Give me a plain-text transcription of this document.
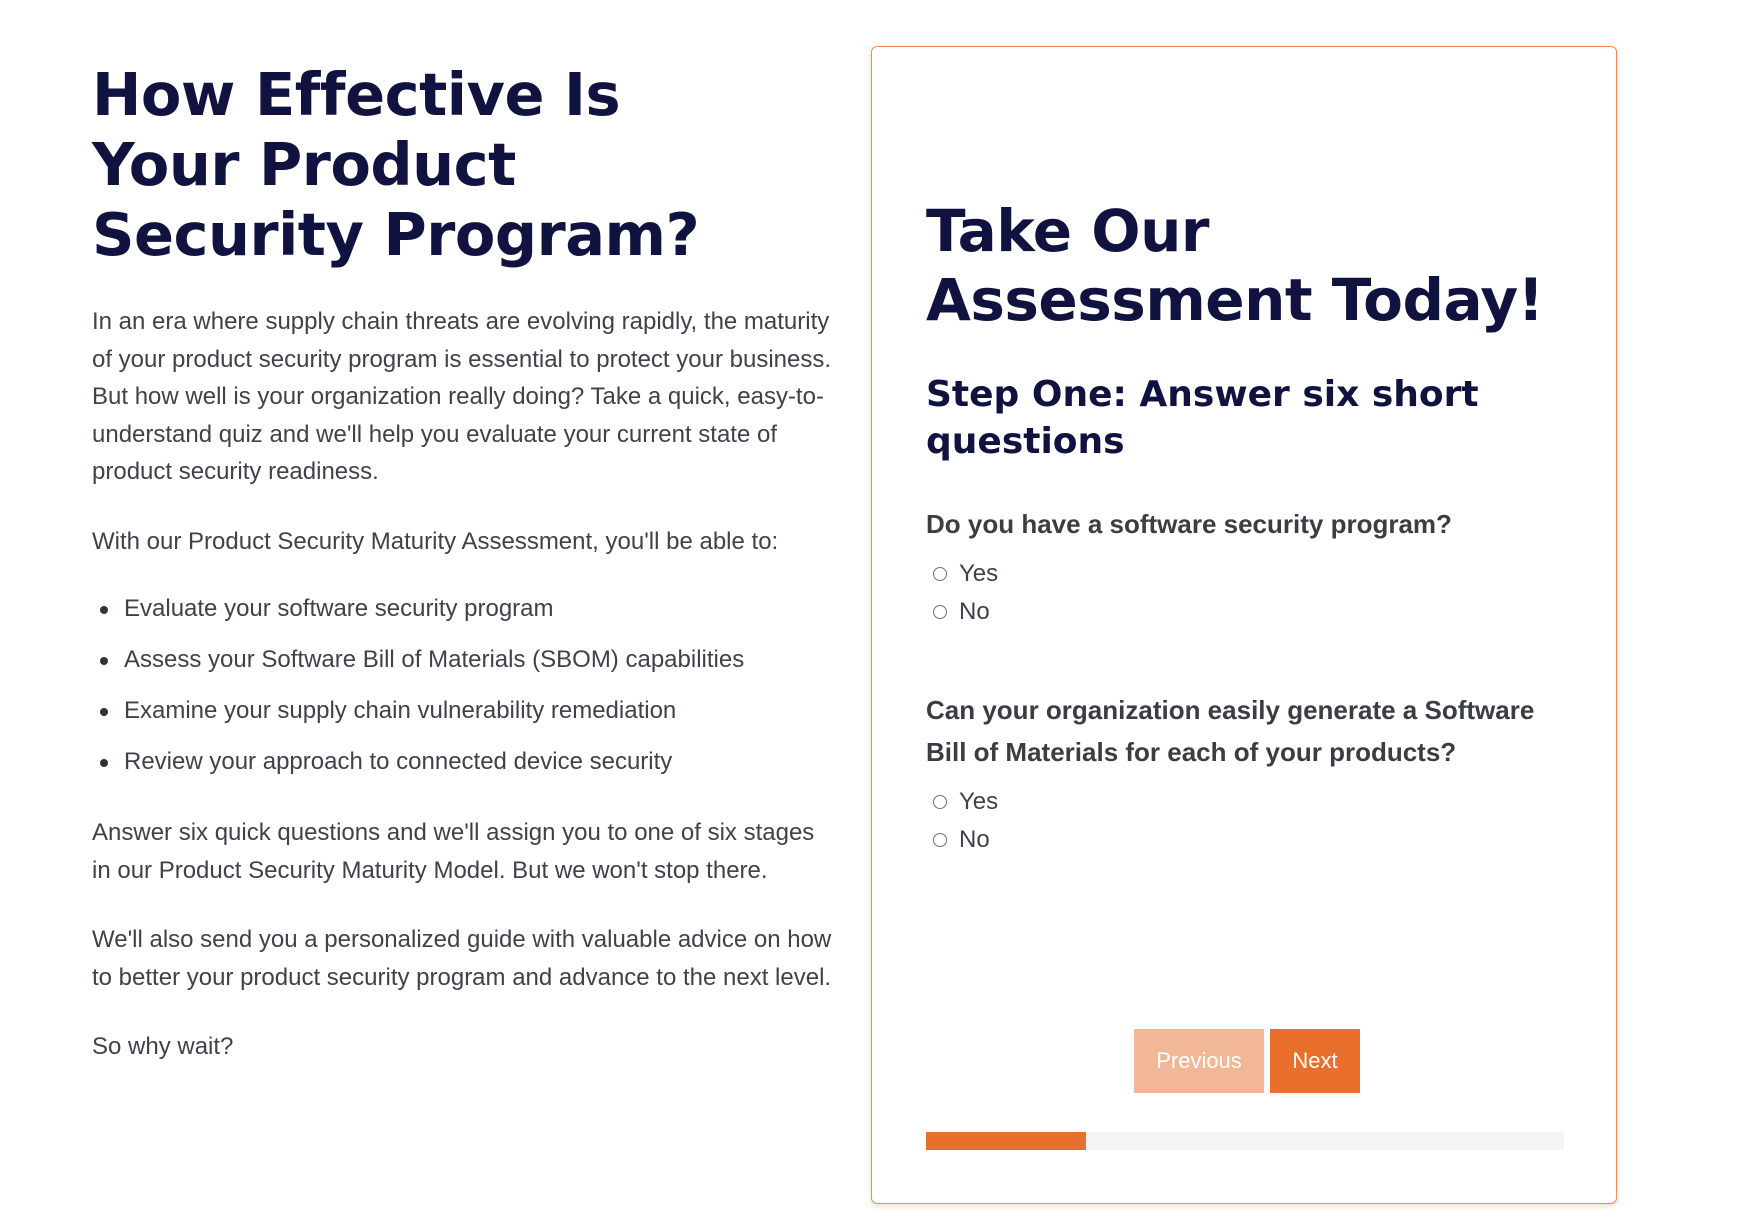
How Effective Is Your Product Security Program?

In an era where supply chain threats are evolving rapidly, the maturity of your product security program is essential to protect your business. But how well is your organization really doing? Take a quick, easy-to-understand quiz and we'll help you evaluate your current state of product security readiness.

With our Product Security Maturity Assessment, you'll be able to:

Evaluate your software security program
Assess your Software Bill of Materials (SBOM) capabilities
Examine your supply chain vulnerability remediation
Review your approach to connected device security

Answer six quick questions and we'll assign you to one of six stages in our Product Security Maturity Model. But we won't stop there.

We'll also send you a personalized guide with valuable advice on how to better your product security program and advance to the next level.

So why wait?

Take Our Assessment Today!
Step One: Answer six short questions
Do you have a software security program?
Yes
No
Can your organization easily generate a Software Bill of Materials for each of your products?
Yes
No
Previous	Next
